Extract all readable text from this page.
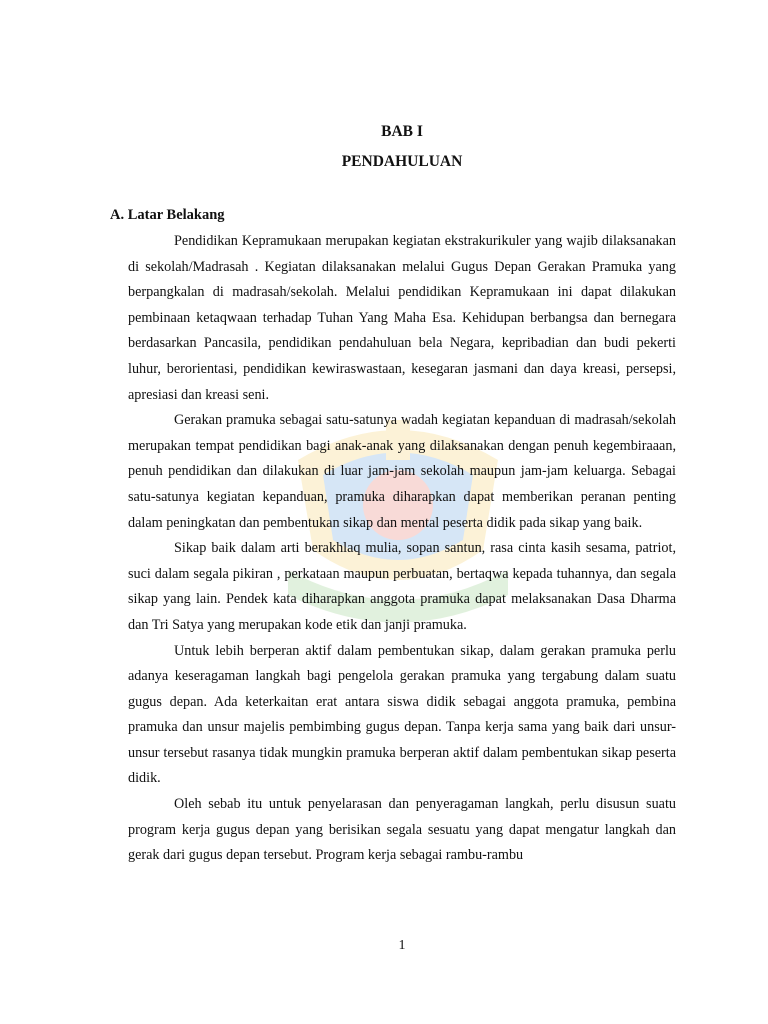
BAB I
PENDAHULUAN
A. Latar Belakang

Pendidikan Kepramukaan merupakan kegiatan ekstrakurikuler yang wajib dilaksanakan di sekolah/Madrasah . Kegiatan dilaksanakan melalui Gugus Depan Gerakan Pramuka yang berpangkalan di madrasah/sekolah. Melalui pendidikan Kepramukaan ini dapat dilakukan pembinaan ketaqwaan terhadap Tuhan Yang Maha Esa. Kehidupan berbangsa dan bernegara berdasarkan Pancasila, pendidikan pendahuluan bela Negara, kepribadian dan budi pekerti luhur, berorientasi, pendidikan kewiraswastaan, kesegaran jasmani dan daya kreasi, persepsi, apresiasi dan kreasi seni.

Gerakan pramuka sebagai satu-satunya wadah kegiatan kepanduan di madrasah/sekolah merupakan tempat pendidikan bagi anak-anak yang dilaksanakan dengan penuh kegembiraaan, penuh pendidikan dan dilakukan di luar jam-jam sekolah maupun jam-jam keluarga. Sebagai satu-satunya kegiatan kepanduan, pramuka diharapkan dapat memberikan peranan penting dalam peningkatan dan pembentukan sikap dan mental peserta didik pada sikap yang baik.

Sikap baik dalam arti berakhlaq mulia, sopan santun, rasa cinta kasih sesama, patriot, suci dalam segala pikiran , perkataan maupun perbuatan, bertaqwa kepada tuhannya, dan segala sikap yang lain. Pendek kata diharapkan anggota pramuka dapat melaksanakan Dasa Dharma dan Tri Satya yang merupakan kode etik dan janji pramuka.

Untuk lebih berperan aktif dalam pembentukan sikap, dalam gerakan pramuka perlu adanya keseragaman langkah bagi pengelola gerakan pramuka yang tergabung dalam suatu gugus depan. Ada keterkaitan erat antara siswa didik sebagai anggota pramuka, pembina pramuka dan unsur majelis pembimbing gugus depan. Tanpa kerja sama yang baik dari unsur-unsur tersebut rasanya tidak mungkin pramuka berperan aktif dalam pembentukan sikap peserta didik.

Oleh sebab itu untuk penyelarasan dan penyeragaman langkah, perlu disusun suatu program kerja gugus depan yang berisikan segala sesuatu yang dapat mengatur langkah dan gerak dari gugus depan tersebut. Program kerja sebagai rambu-rambu

1
